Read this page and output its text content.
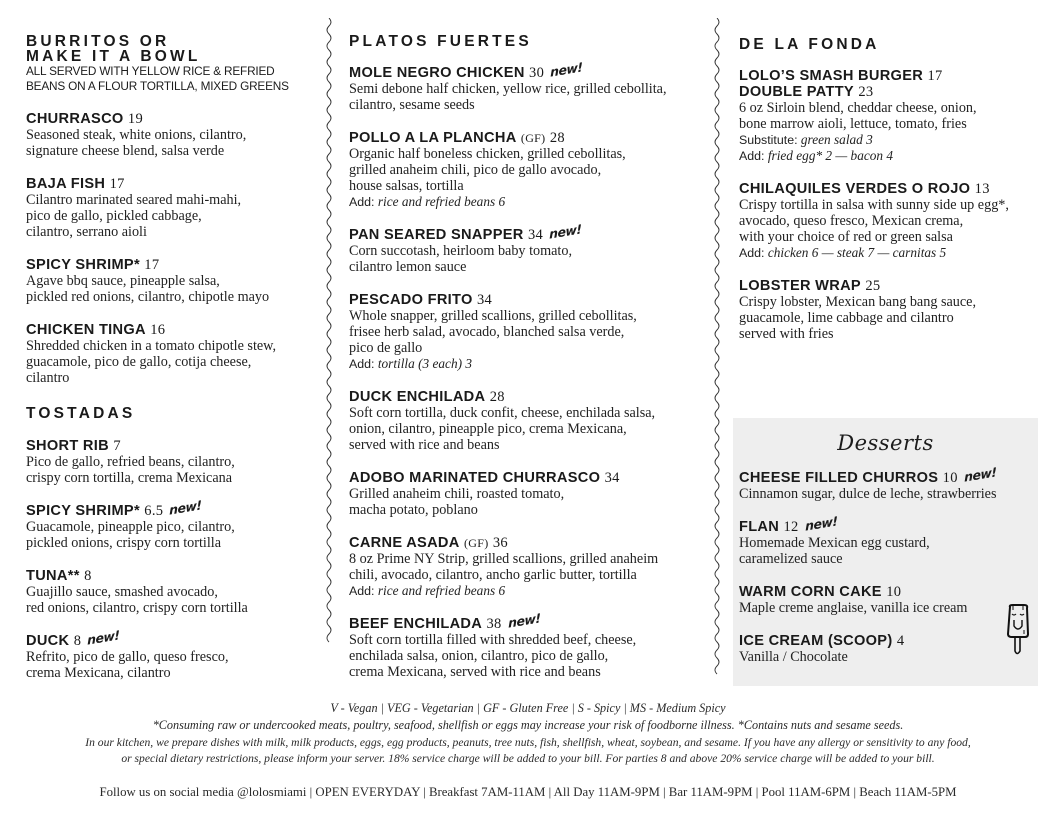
BURRITOS OR
MAKE IT A BOWL
ALL SERVED WITH YELLOW RICE & REFRIED
BEANS ON A FLOUR TORTILLA, MIXED GREENS
CHURRASCO 19
Seasoned steak, white onions, cilantro,
signature cheese blend, salsa verde
BAJA FISH 17
Cilantro marinated seared mahi-mahi,
pico de gallo, pickled cabbage,
cilantro, serrano aioli
SPICY SHRIMP* 17
Agave bbq sauce, pineapple salsa,
pickled red onions, cilantro, chipotle mayo
CHICKEN TINGA 16
Shredded chicken in a tomato chipotle stew,
guacamole, pico de gallo, cotija cheese,
cilantro
TOSTADAS
SHORT RIB 7
Pico de gallo, refried beans, cilantro,
crispy corn tortilla, crema Mexicana
SPICY SHRIMP* 6.5 new!
Guacamole, pineapple pico, cilantro,
pickled onions, crispy corn tortilla
TUNA** 8
Guajillo sauce, smashed avocado,
red onions, cilantro, crispy corn tortilla
DUCK 8 new!
Refrito, pico de gallo, queso fresco,
crema Mexicana, cilantro
PLATOS FUERTES
MOLE NEGRO CHICKEN 30 new!
Semi debone half chicken, yellow rice, grilled cebollita,
cilantro, sesame seeds
POLLO A LA PLANCHA (GF) 28
Organic half boneless chicken, grilled cebollitas,
grilled anaheim chili, pico de gallo avocado,
house salsas, tortilla
Add: rice and refried beans 6
PAN SEARED SNAPPER 34 new!
Corn succotash, heirloom baby tomato,
cilantro lemon sauce
PESCADO FRITO 34
Whole snapper, grilled scallions, grilled cebollitas,
frisee herb salad, avocado, blanched salsa verde,
pico de gallo
Add: tortilla (3 each) 3
DUCK ENCHILADA 28
Soft corn tortilla, duck confit, cheese, enchilada salsa,
onion, cilantro, pineapple pico, crema Mexicana,
served with rice and beans
ADOBO MARINATED CHURRASCO 34
Grilled anaheim chili, roasted tomato,
macha potato, poblano
CARNE ASADA (GF) 36
8 oz Prime NY Strip, grilled scallions, grilled anaheim
chili, avocado, cilantro, ancho garlic butter, tortilla
Add: rice and refried beans 6
BEEF ENCHILADA 38 new!
Soft corn tortilla filled with shredded beef, cheese,
enchilada salsa, onion, cilantro, pico de gallo,
crema Mexicana, served with rice and beans
DE LA FONDA
LOLO’S SMASH BURGER 17
DOUBLE PATTY 23
6 oz Sirloin blend, cheddar cheese, onion,
bone marrow aioli, lettuce, tomato, fries
Substitute: green salad 3
Add: fried egg* 2 — bacon 4
CHILAQUILES VERDES O ROJO 13
Crispy tortilla in salsa with sunny side up egg*,
avocado, queso fresco, Mexican crema,
with your choice of red or green salsa
Add: chicken 6 — steak 7 — carnitas 5
LOBSTER WRAP 25
Crispy lobster, Mexican bang bang sauce,
guacamole, lime cabbage and cilantro
served with fries
Desserts
CHEESE FILLED CHURROS 10 new!
Cinnamon sugar, dulce de leche, strawberries
FLAN 12 new!
Homemade Mexican egg custard,
caramelized sauce
WARM CORN CAKE 10
Maple creme anglaise, vanilla ice cream
ICE CREAM (SCOOP) 4
Vanilla / Chocolate
V - Vegan | VEG - Vegetarian | GF - Gluten Free | S - Spicy | MS - Medium Spicy
*Consuming raw or undercooked meats, poultry, seafood, shellfish or eggs may increase your risk of foodborne illness. *Contains nuts and sesame seeds.
In our kitchen, we prepare dishes with milk, milk products, eggs, egg products, peanuts, tree nuts, fish, shellfish, wheat, soybean, and sesame. If you have any allergy or sensitivity to any food,
or special dietary restrictions, please inform your server. 18% service charge will be added to your bill. For parties 8 and above 20% service charge will be added to your bill.
Follow us on social media @lolosmiami | OPEN EVERYDAY | Breakfast 7AM-11AM | All Day 11AM-9PM | Bar 11AM-9PM | Pool 11AM-6PM | Beach 11AM-5PM
